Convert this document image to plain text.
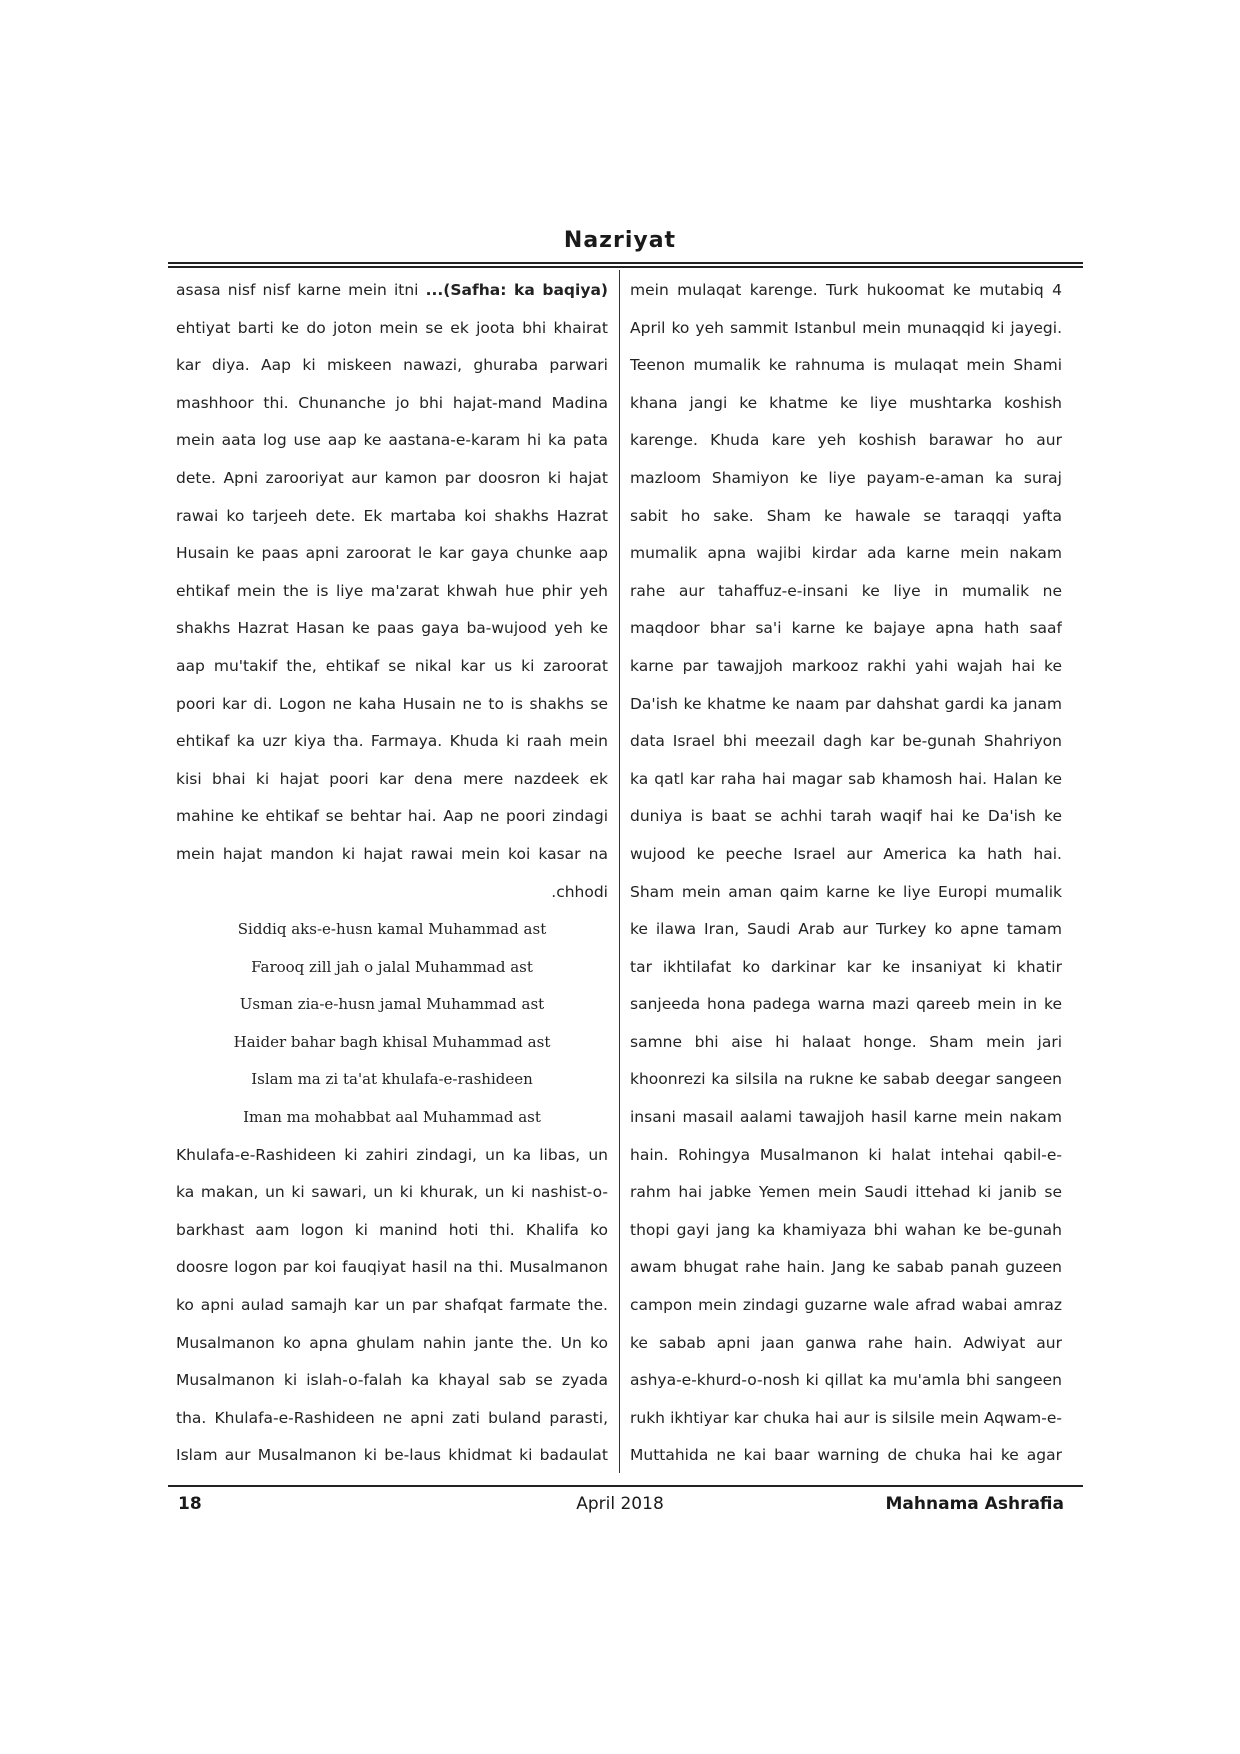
Nazriyat

mein mulaqat karenge. Turk hukoomat ke mutabiq 4 April ko yeh sammit Istanbul mein munaqqid ki jayegi. Teenon mumalik ke rahnuma is mulaqat mein Shami khana jangi ke khatme ke liye mushtarka koshish karenge. Khuda kare yeh koshish barawar ho aur mazloom Shamiyon ke liye payam-e-aman ka suraj sabit ho sake. Sham ke hawale se taraqqi yafta mumalik apna wajibi kirdar ada karne mein nakam rahe aur tahaffuz-e-insani ke liye in mumalik ne maqdoor bhar sa'i karne ke bajaye apna hath saaf karne par tawajjoh markooz rakhi yahi wajah hai ke Da'ish ke khatme ke naam par dahshat gardi ka janam data Israel bhi meezail dagh kar be-gunah Shahriyon ka qatl kar raha hai magar sab khamosh hai. Halan ke duniya is baat se achhi tarah waqif hai ke Da'ish ke wujood ke peeche Israel aur America ka hath hai. Sham mein aman qaim karne ke liye Europi mumalik ke ilawa Iran, Saudi Arab aur Turkey ko apne tamam tar ikhtilafat ko darkinar kar ke insaniyat ki khatir sanjeeda hona padega warna mazi qareeb mein in ke samne bhi aise hi halaat honge. Sham mein jari khoonrezi ka silsila na rukne ke sabab deegar sangeen insani masail aalami tawajjoh hasil karne mein nakam hain. Rohingya Musalmanon ki halat intehai qabil-e-rahm hai jabke Yemen mein Saudi ittehad ki janib se thopi gayi jang ka khamiyaza bhi wahan ke be-gunah awam bhugat rahe hain. Jang ke sabab panah guzeen campon mein zindagi guzarne wale afrad wabai amraz ke sabab apni jaan ganwa rahe hain. Adwiyat aur ashya-e-khurd-o-nosh ki qillat ka mu'amla bhi sangeen rukh ikhtiyar kar chuka hai aur is silsile mein Aqwam-e-Muttahida ne kai baar warning de chuka hai ke agar

(Safha: ka baqiya)... asasa nisf nisf karne mein itni ehtiyat barti ke do joton mein se ek joota bhi khairat kar diya. Aap ki miskeen nawazi, ghuraba parwari mashhoor thi. Chunanche jo bhi hajat-mand Madina mein aata log use aap ke aastana-e-karam hi ka pata dete. Apni zarooriyat aur kamon par doosron ki hajat rawai ko tarjeeh dete. Ek martaba koi shakhs Hazrat Husain ke paas apni zaroorat le kar gaya chunke aap ehtikaf mein the is liye ma'zarat khwah hue phir yeh shakhs Hazrat Hasan ke paas gaya ba-wujood yeh ke aap mu'takif the, ehtikaf se nikal kar us ki zaroorat poori kar di. Logon ne kaha Husain ne to is shakhs se ehtikaf ka uzr kiya tha. Farmaya. Khuda ki raah mein kisi bhai ki hajat poori kar dena mere nazdeek ek mahine ke ehtikaf se behtar hai. Aap ne poori zindagi mein hajat mandon ki hajat rawai mein koi kasar na chhodi.

Siddiq aks-e-husn kamal Muhammad ast

Farooq zill jah o jalal Muhammad ast

Usman zia-e-husn jamal Muhammad ast

Haider bahar bagh khisal Muhammad ast

Islam ma zi ta'at khulafa-e-rashideen

Iman ma mohabbat aal Muhammad ast

Khulafa-e-Rashideen ki zahiri zindagi, un ka libas, un ka makan, un ki sawari, un ki khurak, un ki nashist-o-barkhast aam logon ki manind hoti thi. Khalifa ko doosre logon par koi fauqiyat hasil na thi. Musalmanon ko apni aulad samajh kar un par shafqat farmate the. Musalmanon ko apna ghulam nahin jante the. Un ko Musalmanon ki islah-o-falah ka khayal sab se zyada tha. Khulafa-e-Rashideen ne apni zati buland parasti, Islam aur Musalmanon ki be-laus khidmat ki badaulat

Mahnama Ashrafia
April 2018
18
